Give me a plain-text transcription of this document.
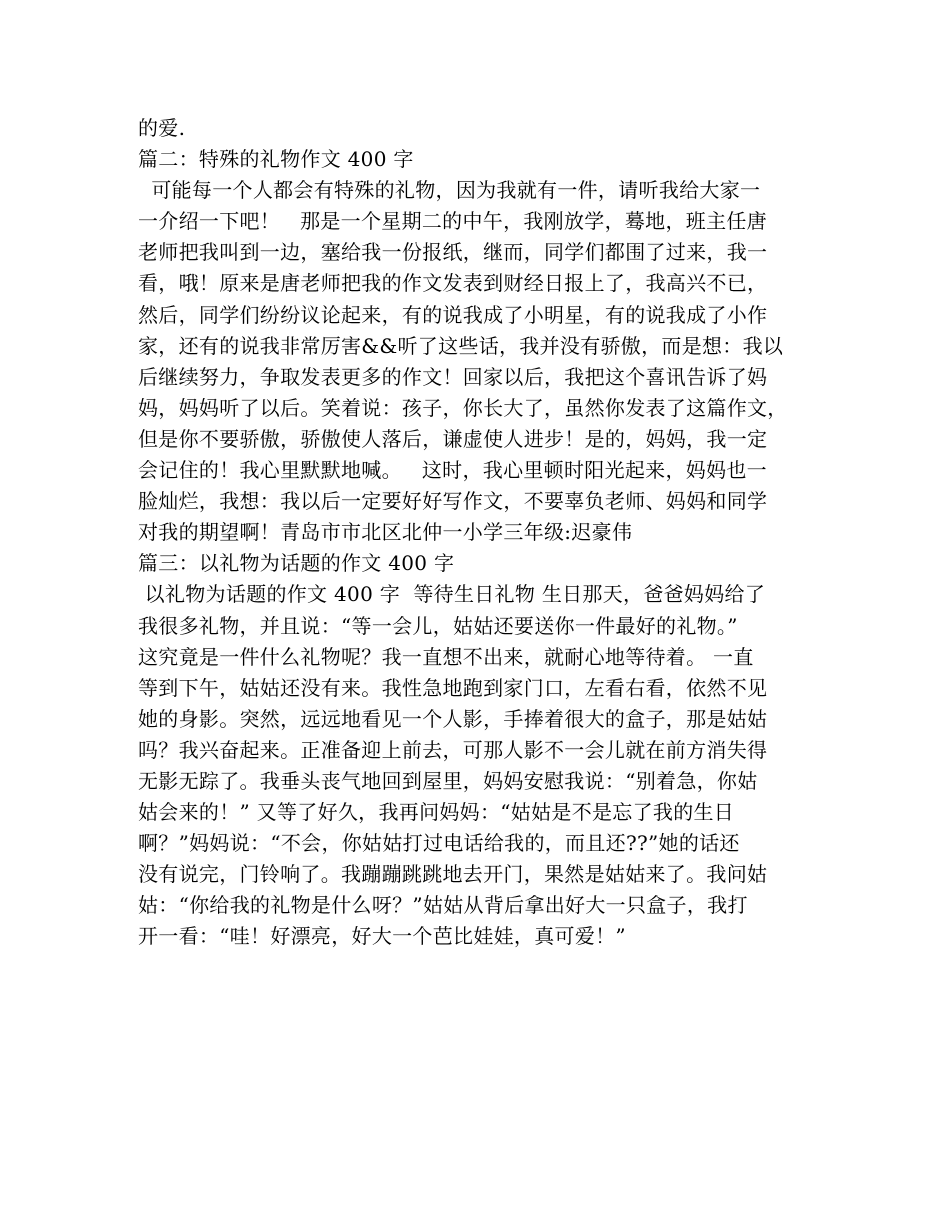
的爱.
篇二：特殊的礼物作文 400 字
可能每一个人都会有特殊的礼物，因为我就有一件，请听我给大家一
一介绍一下吧！   那是一个星期二的中午，我刚放学，蓦地，班主任唐
老师把我叫到一边，塞给我一份报纸，继而，同学们都围了过来，我一
看，哦！原来是唐老师把我的作文发表到财经日报上了，我高兴不已，
然后，同学们纷纷议论起来，有的说我成了小明星，有的说我成了小作
家，还有的说我非常厉害&&听了这些话，我并没有骄傲，而是想：我以
后继续努力，争取发表更多的作文！回家以后，我把这个喜讯告诉了妈
妈，妈妈听了以后。笑着说：孩子，你长大了，虽然你发表了这篇作文，
但是你不要骄傲，骄傲使人落后，谦虚使人进步！是的，妈妈，我一定
会记住的！我心里默默地喊。   这时，我心里顿时阳光起来，妈妈也一
脸灿烂，我想：我以后一定要好好写作文，不要辜负老师、妈妈和同学
对我的期望啊！青岛市市北区北仲一小学三年级:迟豪伟
篇三：以礼物为话题的作文 400 字
以礼物为话题的作文 400 字  等待生日礼物 生日那天，爸爸妈妈给了
我很多礼物，并且说：“等一会儿，姑姑还要送你一件最好的礼物。”
这究竟是一件什么礼物呢？我一直想不出来，就耐心地等待着。 一直
等到下午，姑姑还没有来。我性急地跑到家门口，左看右看，依然不见
她的身影。突然，远远地看见一个人影，手捧着很大的盒子，那是姑姑
吗？我兴奋起来。正准备迎上前去，可那人影不一会儿就在前方消失得
无影无踪了。我垂头丧气地回到屋里，妈妈安慰我说：“别着急，你姑
姑会来的！” 又等了好久，我再问妈妈：“姑姑是不是忘了我的生日
啊？”妈妈说：“不会，你姑姑打过电话给我的，而且还??”她的话还
没有说完，门铃响了。我蹦蹦跳跳地去开门，果然是姑姑来了。我问姑
姑：“你给我的礼物是什么呀？”姑姑从背后拿出好大一只盒子，我打
开一看：“哇！好漂亮，好大一个芭比娃娃，真可爱！”
